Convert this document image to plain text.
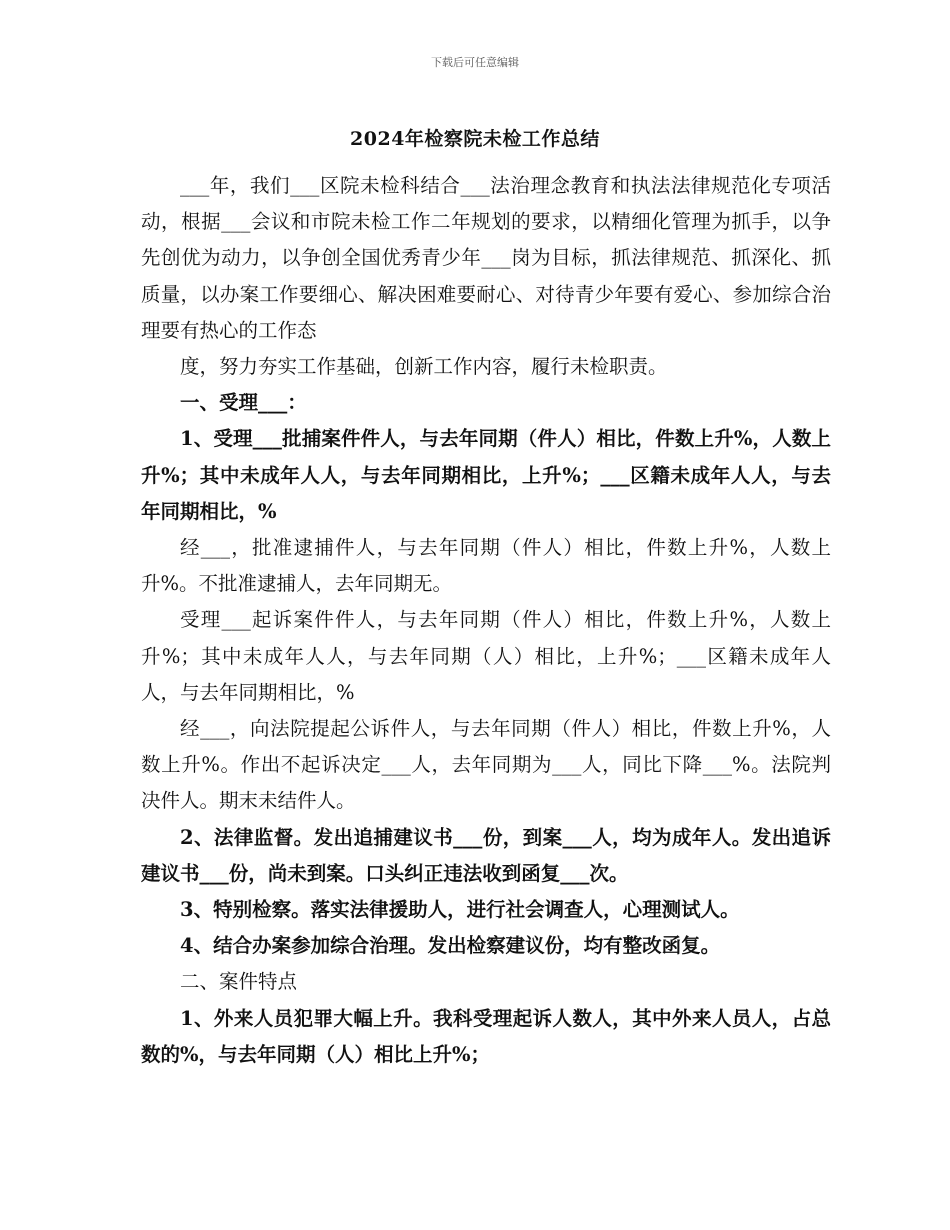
下载后可任意编辑
2024年检察院未检工作总结

___年，我们___区院未检科结合___法治理念教育和执法法律规范化专项活动，根据___会议和市院未检工作二年规划的要求，以精细化管理为抓手，以争先创优为动力，以争创全国优秀青少年___岗为目标，抓法律规范、抓深化、抓质量，以办案工作要细心、解决困难要耐心、对待青少年要有爱心、参加综合治理要有热心的工作态

度，努力夯实工作基础，创新工作内容，履行未检职责。

一、受理___：

1、受理___批捕案件件人，与去年同期（件人）相比，件数上升%，人数上升%；其中未成年人人，与去年同期相比，上升%；___区籍未成年人人，与去年同期相比，%

经___，批准逮捕件人，与去年同期（件人）相比，件数上升%，人数上升%。不批准逮捕人，去年同期无。

受理___起诉案件件人，与去年同期（件人）相比，件数上升%，人数上升%；其中未成年人人，与去年同期（人）相比，上升%；___区籍未成年人人，与去年同期相比，%

经___，向法院提起公诉件人，与去年同期（件人）相比，件数上升%，人数上升%。作出不起诉决定___人，去年同期为___人，同比下降___%。法院判决件人。期末未结件人。

2、法律监督。发出追捕建议书___份，到案___人，均为成年人。发出追诉建议书___份，尚未到案。口头纠正违法收到函复___次。

3、特别检察。落实法律援助人，进行社会调查人，心理测试人。

4、结合办案参加综合治理。发出检察建议份，均有整改函复。

二、案件特点

1、外来人员犯罪大幅上升。我科受理起诉人数人，其中外来人员人，占总数的%，与去年同期（人）相比上升%；
